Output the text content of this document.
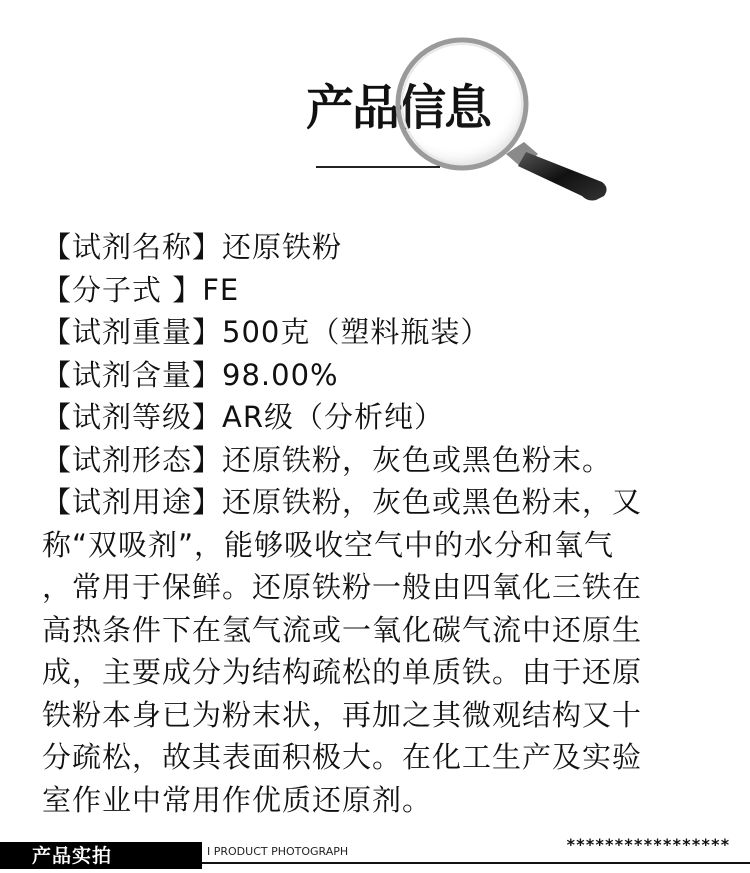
产品
【试剂名称】还原铁粉
【分子式 】FE
【试剂重量】500克（塑料瓶装）
【试剂含量】98.00%
【试剂等级】AR级（分析纯）
【试剂形态】还原铁粉，灰色或黑色粉末。
【试剂用途】还原铁粉，灰色或黑色粉末，又
称“双吸剂”，能够吸收空气中的水分和氧气
，常用于保鲜。还原铁粉一般由四氧化三铁在
高热条件下在氢气流或一氧化碳气流中还原生
成，主要成分为结构疏松的单质铁。由于还原
铁粉本身已为粉末状，再加之其微观结构又十
分疏松，故其表面积极大。在化工生产及实验
室作业中常用作优质还原剂。
产品实拍	I PRODUCT PHOTOGRAPH	*****************
